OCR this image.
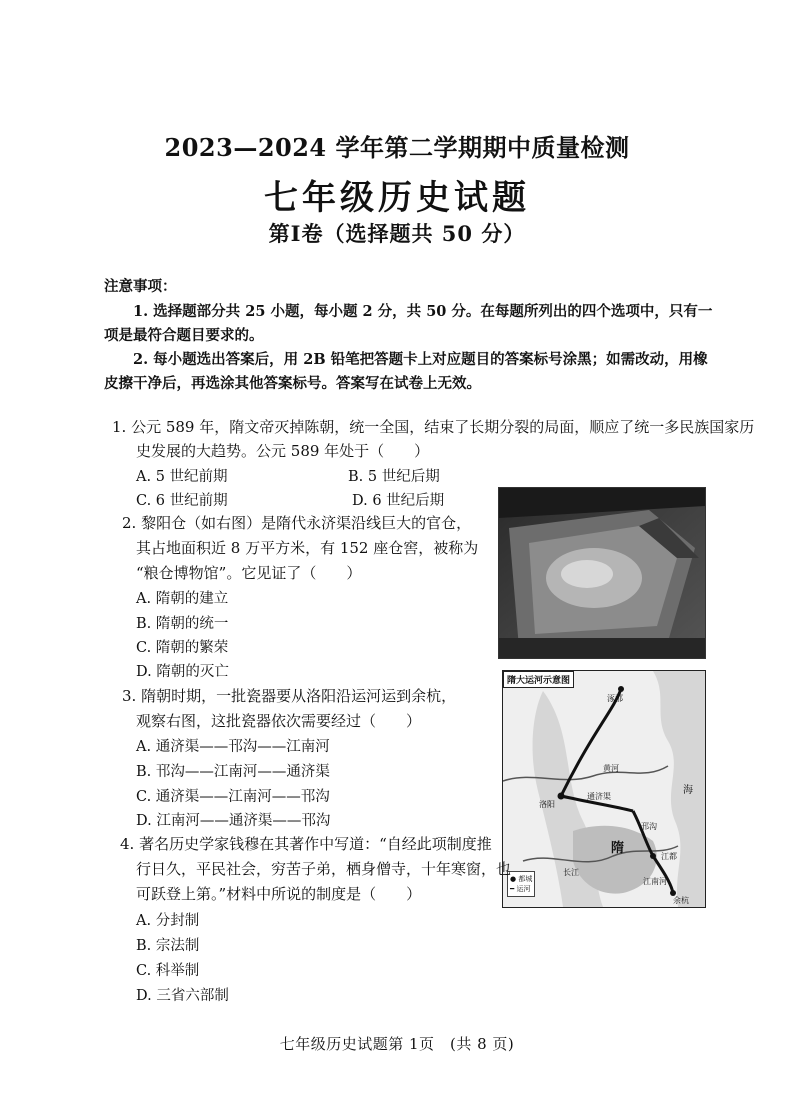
2023—2024 学年第二学期期中质量检测
七年级历史试题
第Ⅰ卷（选择题共 50 分）
注意事项：
1. 选择题部分共 25 小题，每小题 2 分，共 50 分。在每题所列出的四个选项中，只有一
项是最符合题目要求的。
2. 每小题选出答案后，用 2B 铅笔把答题卡上对应题目的答案标号涂黑；如需改动，用橡
皮擦干净后，再选涂其他答案标号。答案写在试卷上无效。
1. 公元 589 年，隋文帝灭掉陈朝，统一全国，结束了长期分裂的局面，顺应了统一多民族国家历
史发展的大趋势。公元 589 年处于（　　）
A. 5 世纪前期	B. 5 世纪后期
C. 6 世纪前期	D. 6 世纪后期
2. 黎阳仓（如右图）是隋代永济渠沿线巨大的官仓，
其占地面积近 8 万平方米，有 152 座仓窖，被称为
“粮仓博物馆”。它见证了（　　）
A. 隋朝的建立
B. 隋朝的统一
C. 隋朝的繁荣
D. 隋朝的灭亡
隋大运河示意图
涿郡
黄河
洛阳
通济渠
邗沟
江都
江南河
余杭
长江
隋
海
● 都城
━ 运河
3. 隋朝时期，一批瓷器要从洛阳沿运河运到余杭，
观察右图，这批瓷器依次需要经过（　　）
A. 通济渠——邗沟——江南河
B. 邗沟——江南河——通济渠
C. 通济渠——江南河——邗沟
D. 江南河——通济渠——邗沟
4. 著名历史学家钱穆在其著作中写道：“自经此项制度推
行日久，平民社会，穷苦子弟，栖身僧寺，十年寒窗，也
可跃登上第。”材料中所说的制度是（　　）
A. 分封制
B. 宗法制
C. 科举制
D. 三省六部制
七年级历史试题第 1页　(共 8 页)
